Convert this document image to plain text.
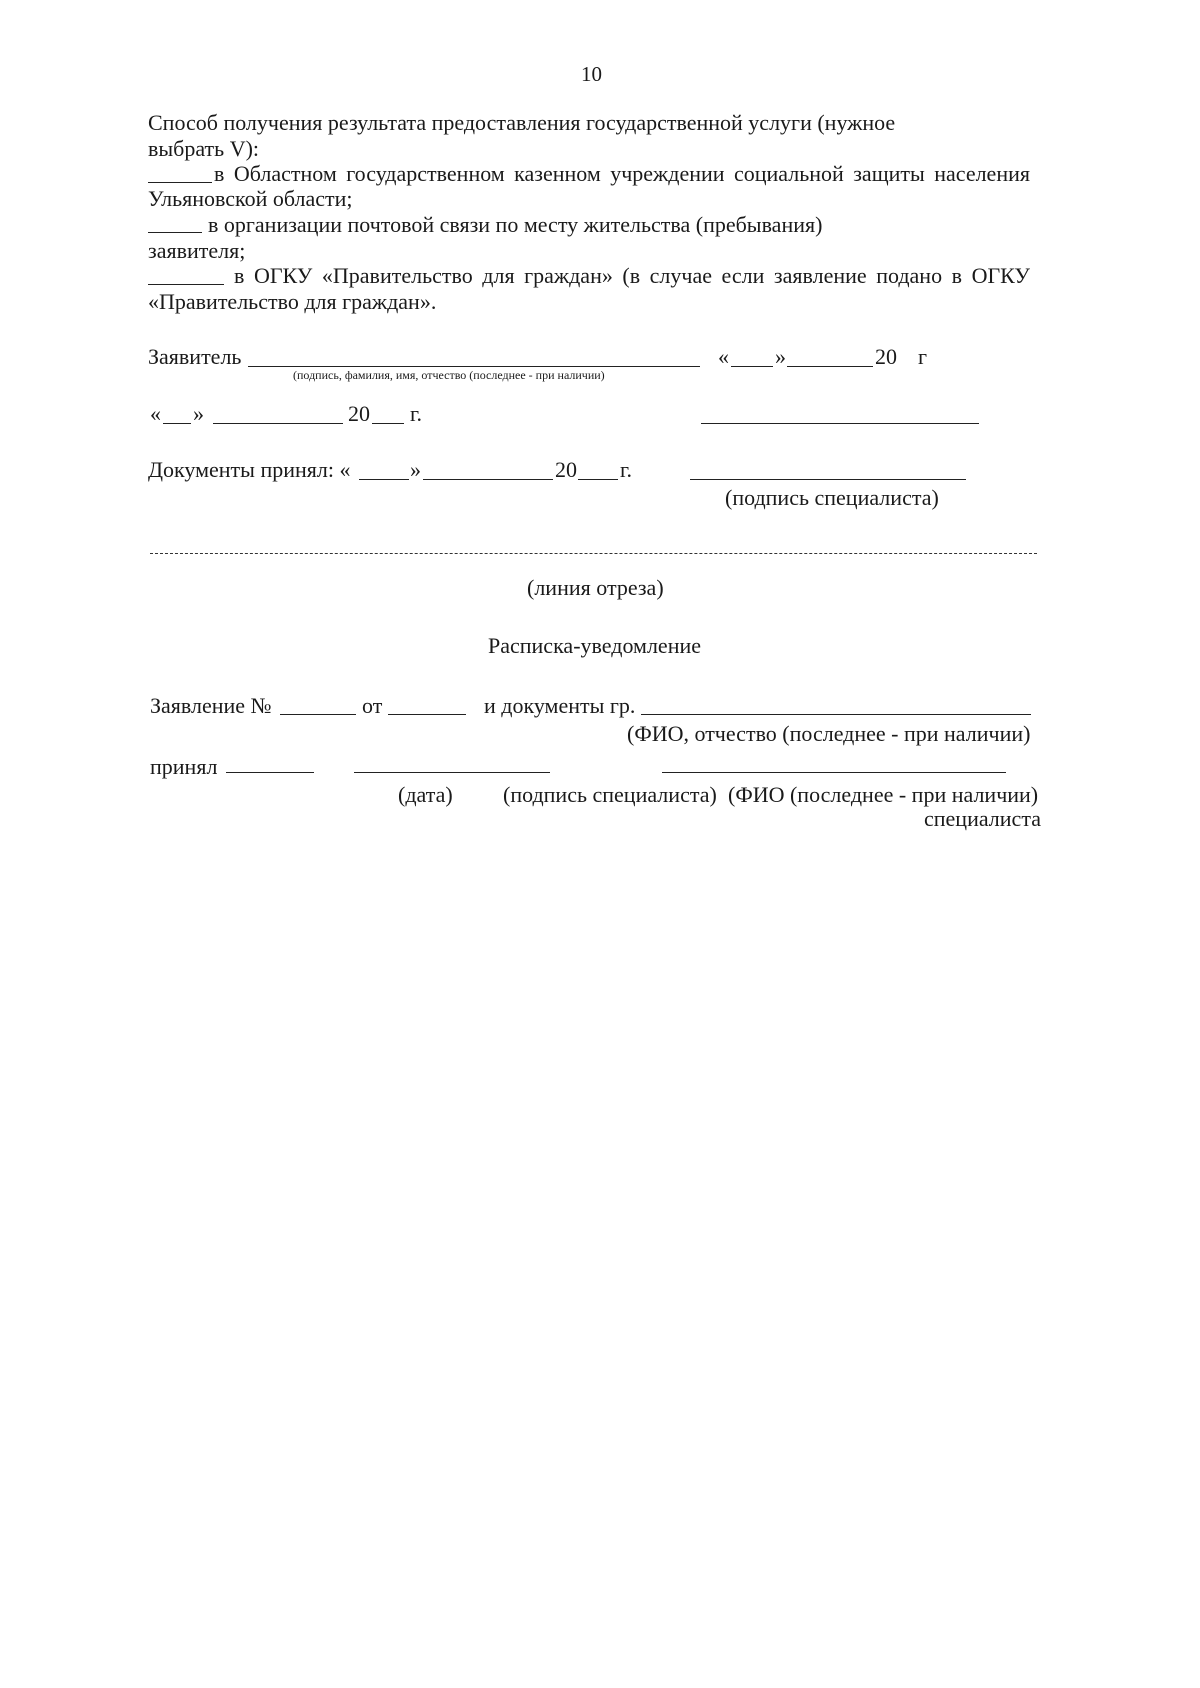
10
Способ получения результата предоставления государственной услуги (нужное
выбрать V):
в Областном государственном казенном учреждении социальной защиты населения
Ульяновской области;
в организации почтовой связи по месту жительства (пребывания)
заявителя;
в ОГКУ «Правительство для граждан» (в случае если заявление подано в ОГКУ
«Правительство для граждан».
Заявитель
(подпись, фамилия, имя, отчество (последнее - при наличии)
« »	20 г
« »	20 г.
Документы принял: «	»	20 г.
(подпись специалиста)
(линия отреза)
Расписка-уведомление
Заявление №	от	и документы гр.
(ФИО, отчество (последнее - при наличии)
принял
(дата) (подпись специалиста) (ФИО (последнее - при наличии)
специалиста
